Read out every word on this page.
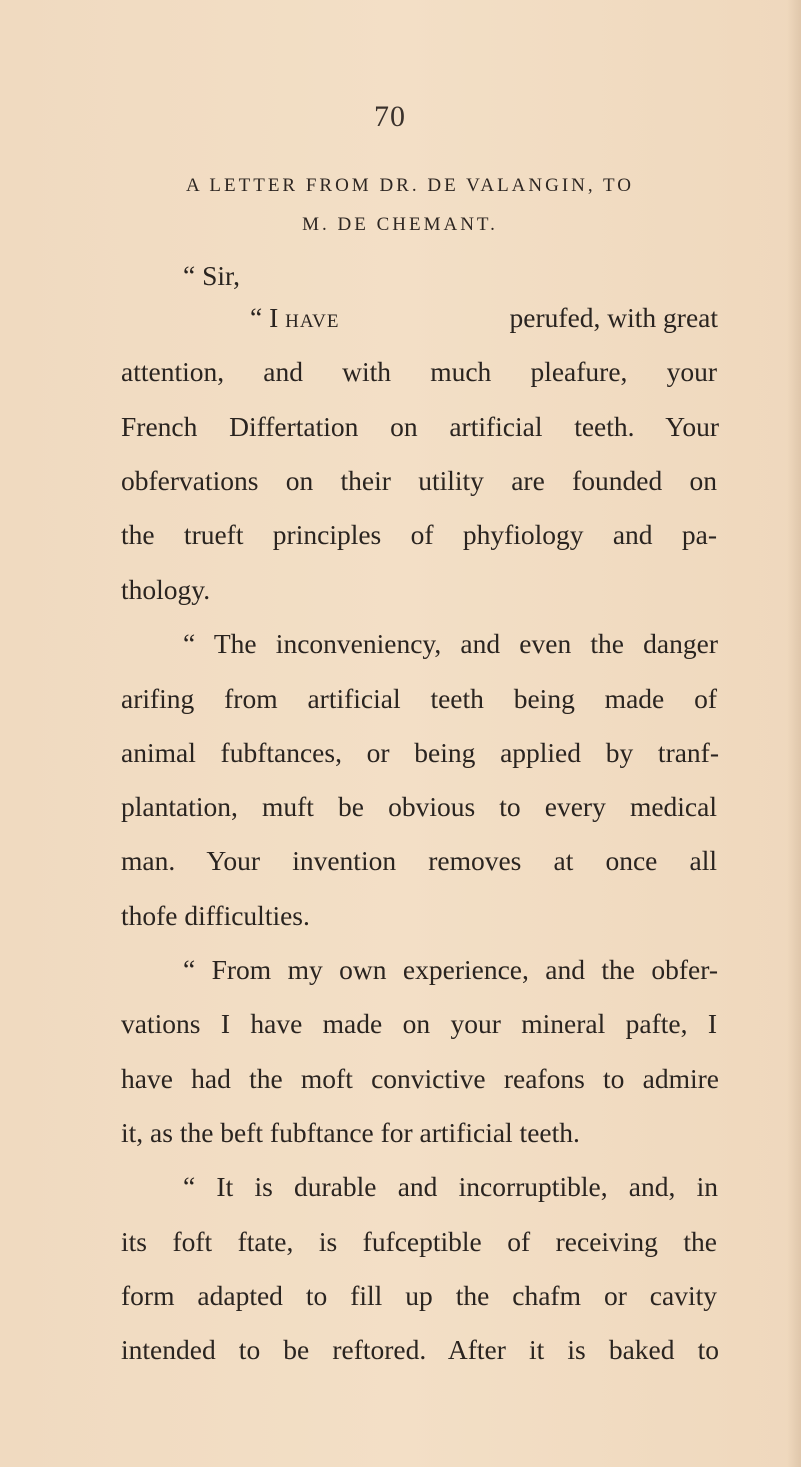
70
A LETTER FROM DR. DE VALANGIN, TO
M. DE CHEMANT.
“ Sir,
“ I have	perufed, with great
attention, and with much pleafure, your
French Differtation on artificial teeth. Your
obfervations on their utility are founded on
the trueft principles of phyfiology and pa-
thology.
“ The inconveniency, and even the danger
arifing from artificial teeth being made of
animal fubftances, or being applied by tranf-
plantation, muft be obvious to every medical
man. Your invention removes at once all
thofe difficulties.
“ From my own experience, and the obfer-
vations I have made on your mineral pafte, I
have had the moft convictive reafons to admire
it, as the beft fubftance for artificial teeth.
“ It is durable and incorruptible, and, in
its foft ftate, is fufceptible of receiving the
form adapted to fill up the chafm or cavity
intended to be reftored. After it is baked to
